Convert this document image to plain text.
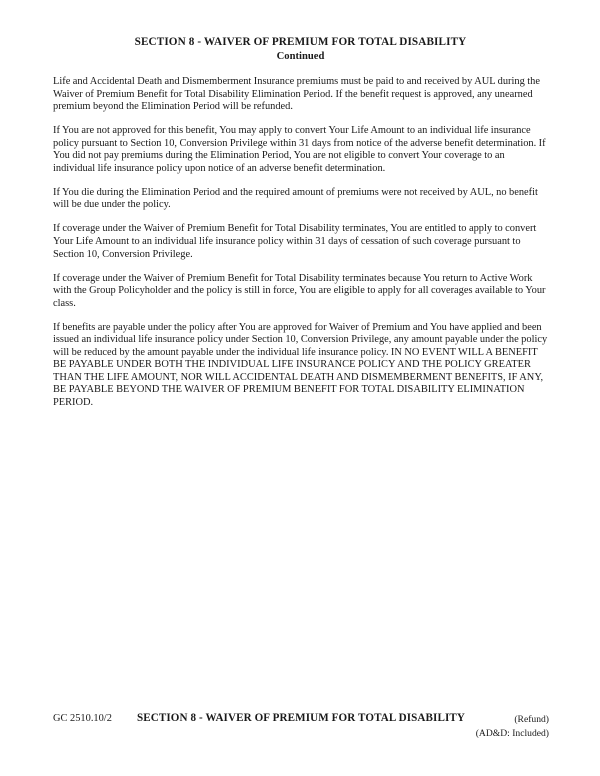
SECTION 8 - WAIVER OF PREMIUM FOR TOTAL DISABILITY
Continued

Life and Accidental Death and Dismemberment Insurance premiums must be paid to and received by AUL during the Waiver of Premium Benefit for Total Disability Elimination Period. If the benefit request is approved, any unearned premium beyond the Elimination Period will be refunded.

If You are not approved for this benefit, You may apply to convert Your Life Amount to an individual life insurance policy pursuant to Section 10, Conversion Privilege within 31 days from notice of the adverse benefit determination. If You did not pay premiums during the Elimination Period, You are not eligible to convert Your coverage to an individual life insurance policy upon notice of an adverse benefit determination.

If You die during the Elimination Period and the required amount of premiums were not received by AUL, no benefit will be due under the policy.

If coverage under the Waiver of Premium Benefit for Total Disability terminates, You are entitled to apply to convert Your Life Amount to an individual life insurance policy within 31 days of cessation of such coverage pursuant to Section 10, Conversion Privilege.

If coverage under the Waiver of Premium Benefit for Total Disability terminates because You return to Active Work with the Group Policyholder and the policy is still in force, You are eligible to apply for all coverages available to Your class.

If benefits are payable under the policy after You are approved for Waiver of Premium and You have applied and been issued an individual life insurance policy under Section 10, Conversion Privilege, any amount payable under the policy will be reduced by the amount payable under the individual life insurance policy. IN NO EVENT WILL A BENEFIT BE PAYABLE UNDER BOTH THE INDIVIDUAL LIFE INSURANCE POLICY AND THE POLICY GREATER THAN THE LIFE AMOUNT, NOR WILL ACCIDENTAL DEATH AND DISMEMBERMENT BENEFITS, IF ANY, BE PAYABLE BEYOND THE WAIVER OF PREMIUM BENEFIT FOR TOTAL DISABILITY ELIMINATION PERIOD.

GC 2510.10/2	SECTION 8 - WAIVER OF PREMIUM FOR TOTAL DISABILITY	(Refund)
(AD&D: Included)
